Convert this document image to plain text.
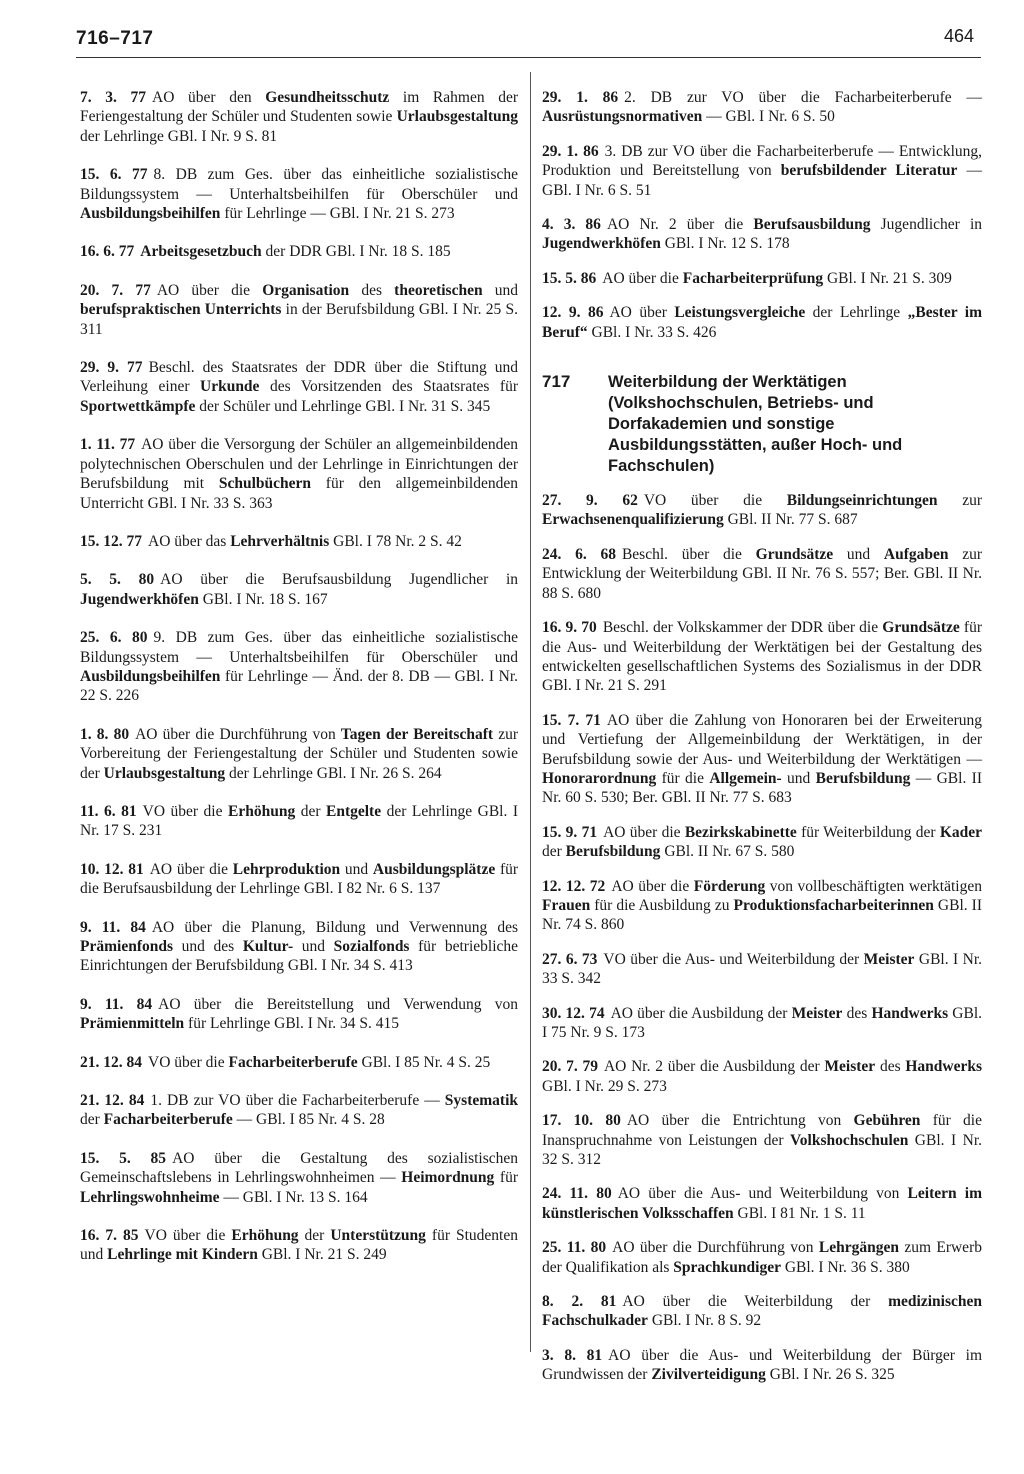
716–717	464
7. 3. 77 AO über den Gesundheitsschutz im Rahmen der Feriengestaltung der Schüler und Studenten sowie Urlaubsgestaltung der Lehrlinge GBl. I Nr. 9 S. 81
15. 6. 77 8. DB zum Ges. über das einheitliche sozialistische Bildungssystem — Unterhaltsbeihilfen für Oberschüler und Ausbildungsbeihilfen für Lehrlinge — GBl. I Nr. 21 S. 273
16. 6. 77 Arbeitsgesetzbuch der DDR GBl. I Nr. 18 S. 185
20. 7. 77 AO über die Organisation des theoretischen und berufspraktischen Unterrichts in der Berufsbildung GBl. I Nr. 25 S. 311
29. 9. 77 Beschl. des Staatsrates der DDR über die Stiftung und Verleihung einer Urkunde des Vorsitzenden des Staatsrates für Sportwettkämpfe der Schüler und Lehrlinge GBl. I Nr. 31 S. 345
1. 11. 77 AO über die Versorgung der Schüler an allgemeinbildenden polytechnischen Oberschulen und der Lehrlinge in Einrichtungen der Berufsbildung mit Schulbüchern für den allgemeinbildenden Unterricht GBl. I Nr. 33 S. 363
15. 12. 77 AO über das Lehrverhältnis GBl. I 78 Nr. 2 S. 42
5. 5. 80 AO über die Berufsausbildung Jugendlicher in Jugendwerkhöfen GBl. I Nr. 18 S. 167
25. 6. 80 9. DB zum Ges. über das einheitliche sozialistische Bildungssystem — Unterhaltsbeihilfen für Oberschüler und Ausbildungsbeihilfen für Lehrlinge — Änd. der 8. DB — GBl. I Nr. 22 S. 226
1. 8. 80 AO über die Durchführung von Tagen der Bereitschaft zur Vorbereitung der Feriengestaltung der Schüler und Studenten sowie der Urlaubsgestaltung der Lehrlinge GBl. I Nr. 26 S. 264
11. 6. 81 VO über die Erhöhung der Entgelte der Lehrlinge GBl. I Nr. 17 S. 231
10. 12. 81 AO über die Lehrproduktion und Ausbildungsplätze für die Berufsausbildung der Lehrlinge GBl. I 82 Nr. 6 S. 137
9. 11. 84 AO über die Planung, Bildung und Verwennung des Prämienfonds und des Kultur- und Sozialfonds für betriebliche Einrichtungen der Berufsbildung GBl. I Nr. 34 S. 413
9. 11. 84 AO über die Bereitstellung und Verwendung von Prämienmitteln für Lehrlinge GBl. I Nr. 34 S. 415
21. 12. 84 VO über die Facharbeiterberufe GBl. I 85 Nr. 4 S. 25
21. 12. 84 1. DB zur VO über die Facharbeiterberufe — Systematik der Facharbeiterberufe — GBl. I 85 Nr. 4 S. 28
15. 5. 85 AO über die Gestaltung des sozialistischen Gemeinschaftslebens in Lehrlingswohnheimen — Heimordnung für Lehrlingswohnheime — GBl. I Nr. 13 S. 164
16. 7. 85 VO über die Erhöhung der Unterstützung für Studenten und Lehrlinge mit Kindern GBl. I Nr. 21 S. 249
29. 1. 86 2. DB zur VO über die Facharbeiterberufe — Ausrüstungsnormativen — GBl. I Nr. 6 S. 50
29. 1. 86 3. DB zur VO über die Facharbeiterberufe — Entwicklung, Produktion und Bereitstellung von berufsbildender Literatur — GBl. I Nr. 6 S. 51
4. 3. 86 AO Nr. 2 über die Berufsausbildung Jugendlicher in Jugendwerkhöfen GBl. I Nr. 12 S. 178
15. 5. 86 AO über die Facharbeiterprüfung GBl. I Nr. 21 S. 309
12. 9. 86 AO über Leistungsvergleiche der Lehrlinge „Bester im Beruf“ GBl. I Nr. 33 S. 426
717	Weiterbildung der Werktätigen (Volkshochschulen, Betriebs- und Dorfakademien und sonstige Ausbildungsstätten, außer Hoch- und Fachschulen)
27. 9. 62 VO über die Bildungseinrichtungen zur Erwachsenenqualifizierung GBl. II Nr. 77 S. 687
24. 6. 68 Beschl. über die Grundsätze und Aufgaben zur Entwicklung der Weiterbildung GBl. II Nr. 76 S. 557; Ber. GBl. II Nr. 88 S. 680
16. 9. 70 Beschl. der Volkskammer der DDR über die Grundsätze für die Aus- und Weiterbildung der Werktätigen bei der Gestaltung des entwickelten gesellschaftlichen Systems des Sozialismus in der DDR GBl. I Nr. 21 S. 291
15. 7. 71 AO über die Zahlung von Honoraren bei der Erweiterung und Vertiefung der Allgemeinbildung der Werktätigen, in der Berufsbildung sowie der Aus- und Weiterbildung der Werktätigen — Honorarordnung für die Allgemein- und Berufsbildung — GBl. II Nr. 60 S. 530; Ber. GBl. II Nr. 77 S. 683
15. 9. 71 AO über die Bezirkskabinette für Weiterbildung der Kader der Berufsbildung GBl. II Nr. 67 S. 580
12. 12. 72 AO über die Förderung von vollbeschäftigten werktätigen Frauen für die Ausbildung zu Produktionsfacharbeiterinnen GBl. II Nr. 74 S. 860
27. 6. 73 VO über die Aus- und Weiterbildung der Meister GBl. I Nr. 33 S. 342
30. 12. 74 AO über die Ausbildung der Meister des Handwerks GBl. I 75 Nr. 9 S. 173
20. 7. 79 AO Nr. 2 über die Ausbildung der Meister des Handwerks GBl. I Nr. 29 S. 273
17. 10. 80 AO über die Entrichtung von Gebühren für die Inanspruchnahme von Leistungen der Volkshochschulen GBl. I Nr. 32 S. 312
24. 11. 80 AO über die Aus- und Weiterbildung von Leitern im künstlerischen Volksschaffen GBl. I 81 Nr. 1 S. 11
25. 11. 80 AO über die Durchführung von Lehrgängen zum Erwerb der Qualifikation als Sprachkundiger GBl. I Nr. 36 S. 380
8. 2. 81 AO über die Weiterbildung der medizinischen Fachschulkader GBl. I Nr. 8 S. 92
3. 8. 81 AO über die Aus- und Weiterbildung der Bürger im Grundwissen der Zivilverteidigung GBl. I Nr. 26 S. 325
